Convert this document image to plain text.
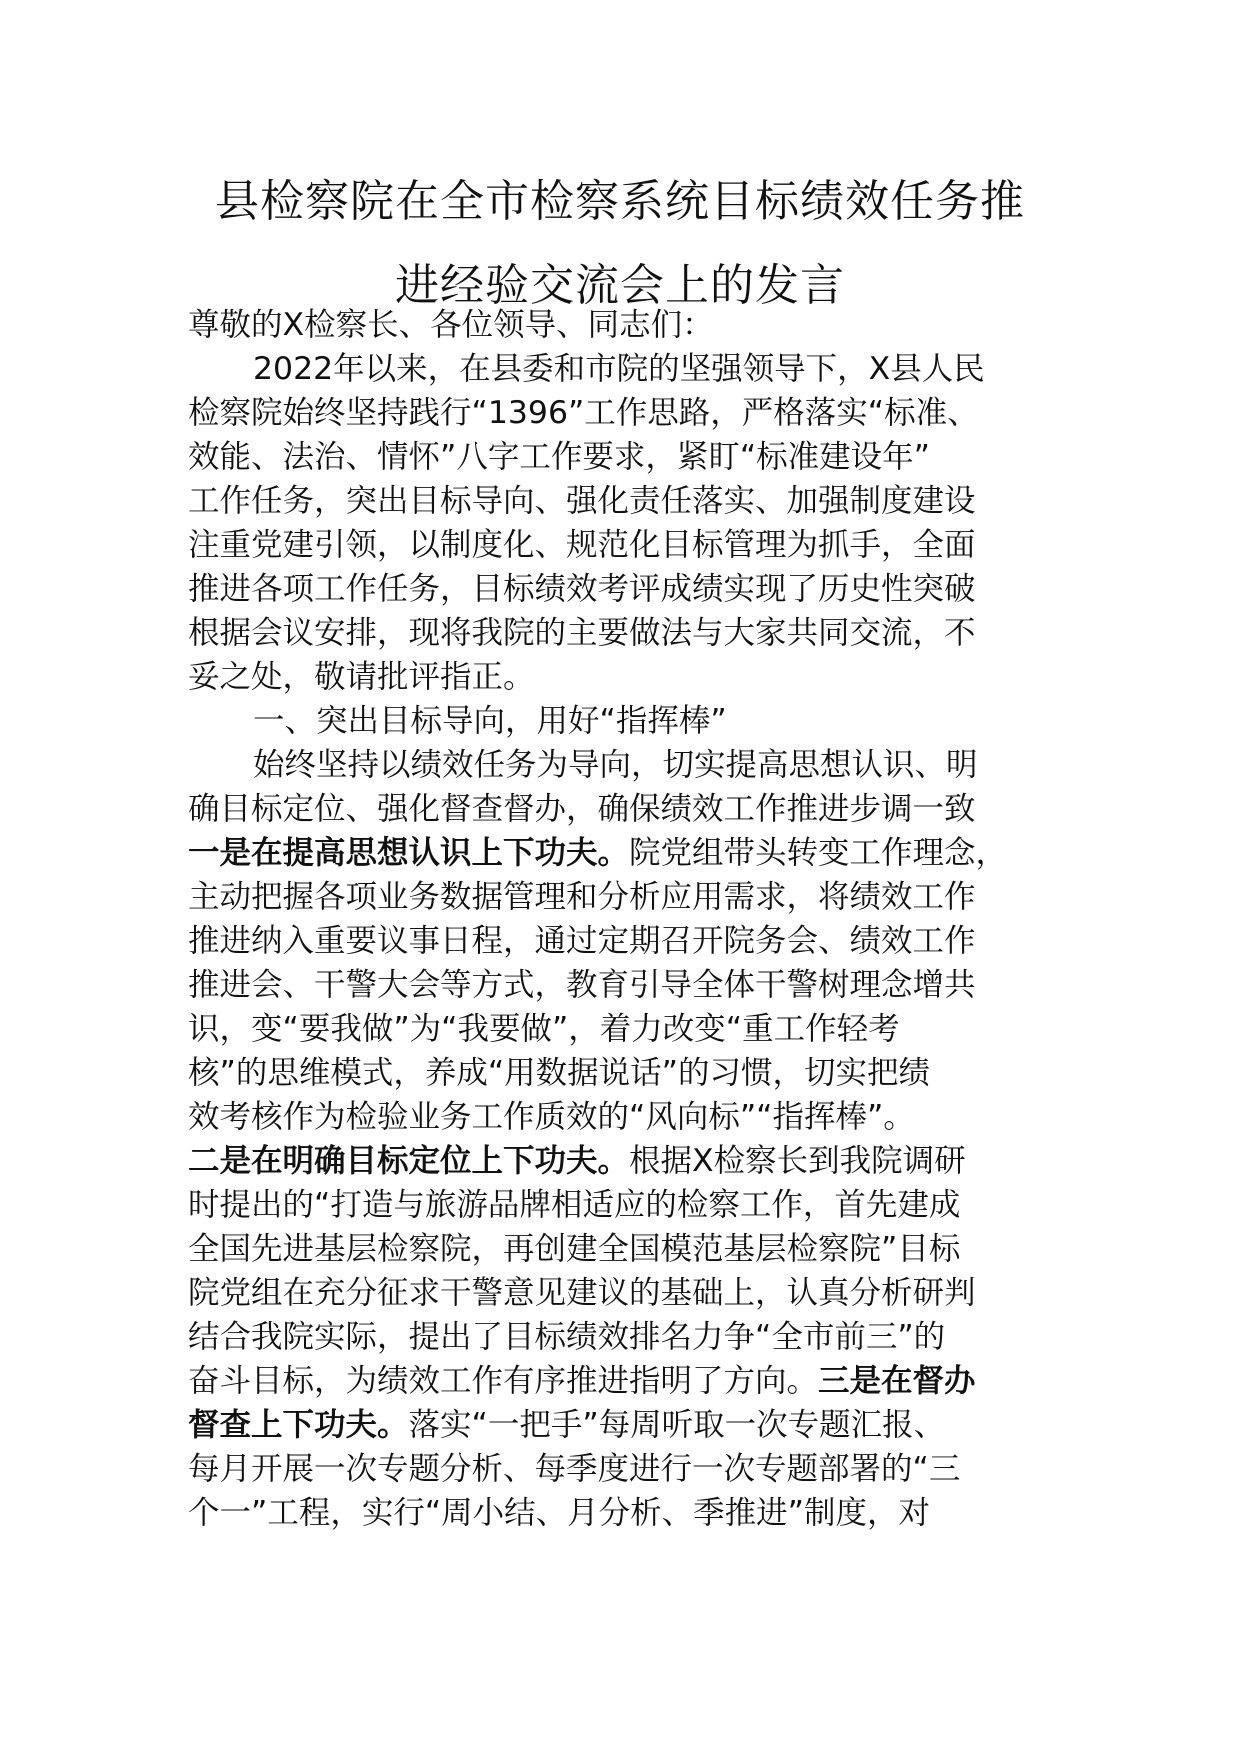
县检察院在全市检察系统目标绩效任务推
进经验交流会上的发言

尊敬的X检察长、各位领导、同志们：

2022年以来，在县委和市院的坚强领导下，X县人民

检察院始终坚持践行“1396”工作思路，严格落实“标准、

效能、法治、情怀”八字工作要求，紧盯“标准建设年”

工作任务，突出目标导向、强化责任落实、加强制度建设

注重党建引领，以制度化、规范化目标管理为抓手，全面

推进各项工作任务，目标绩效考评成绩实现了历史性突破

根据会议安排，现将我院的主要做法与大家共同交流，不

妥之处，敬请批评指正。

一、突出目标导向，用好“指挥棒”

始终坚持以绩效任务为导向，切实提高思想认识、明

确目标定位、强化督查督办，确保绩效工作推进步调一致

一是在提高思想认识上下功夫。院党组带头转变工作理念，

主动把握各项业务数据管理和分析应用需求，将绩效工作

推进纳入重要议事日程，通过定期召开院务会、绩效工作

推进会、干警大会等方式，教育引导全体干警树理念增共

识，变“要我做”为“我要做”，着力改变“重工作轻考

核”的思维模式，养成“用数据说话”的习惯，切实把绩

效考核作为检验业务工作质效的“风向标”“指挥棒”。

二是在明确目标定位上下功夫。根据X检察长到我院调研

时提出的“打造与旅游品牌相适应的检察工作，首先建成

全国先进基层检察院，再创建全国模范基层检察院”目标

院党组在充分征求干警意见建议的基础上，认真分析研判

结合我院实际，提出了目标绩效排名力争“全市前三”的

奋斗目标，为绩效工作有序推进指明了方向。三是在督办

督查上下功夫。落实“一把手”每周听取一次专题汇报、

每月开展一次专题分析、每季度进行一次专题部署的“三

个一”工程，实行“周小结、月分析、季推进”制度，对
